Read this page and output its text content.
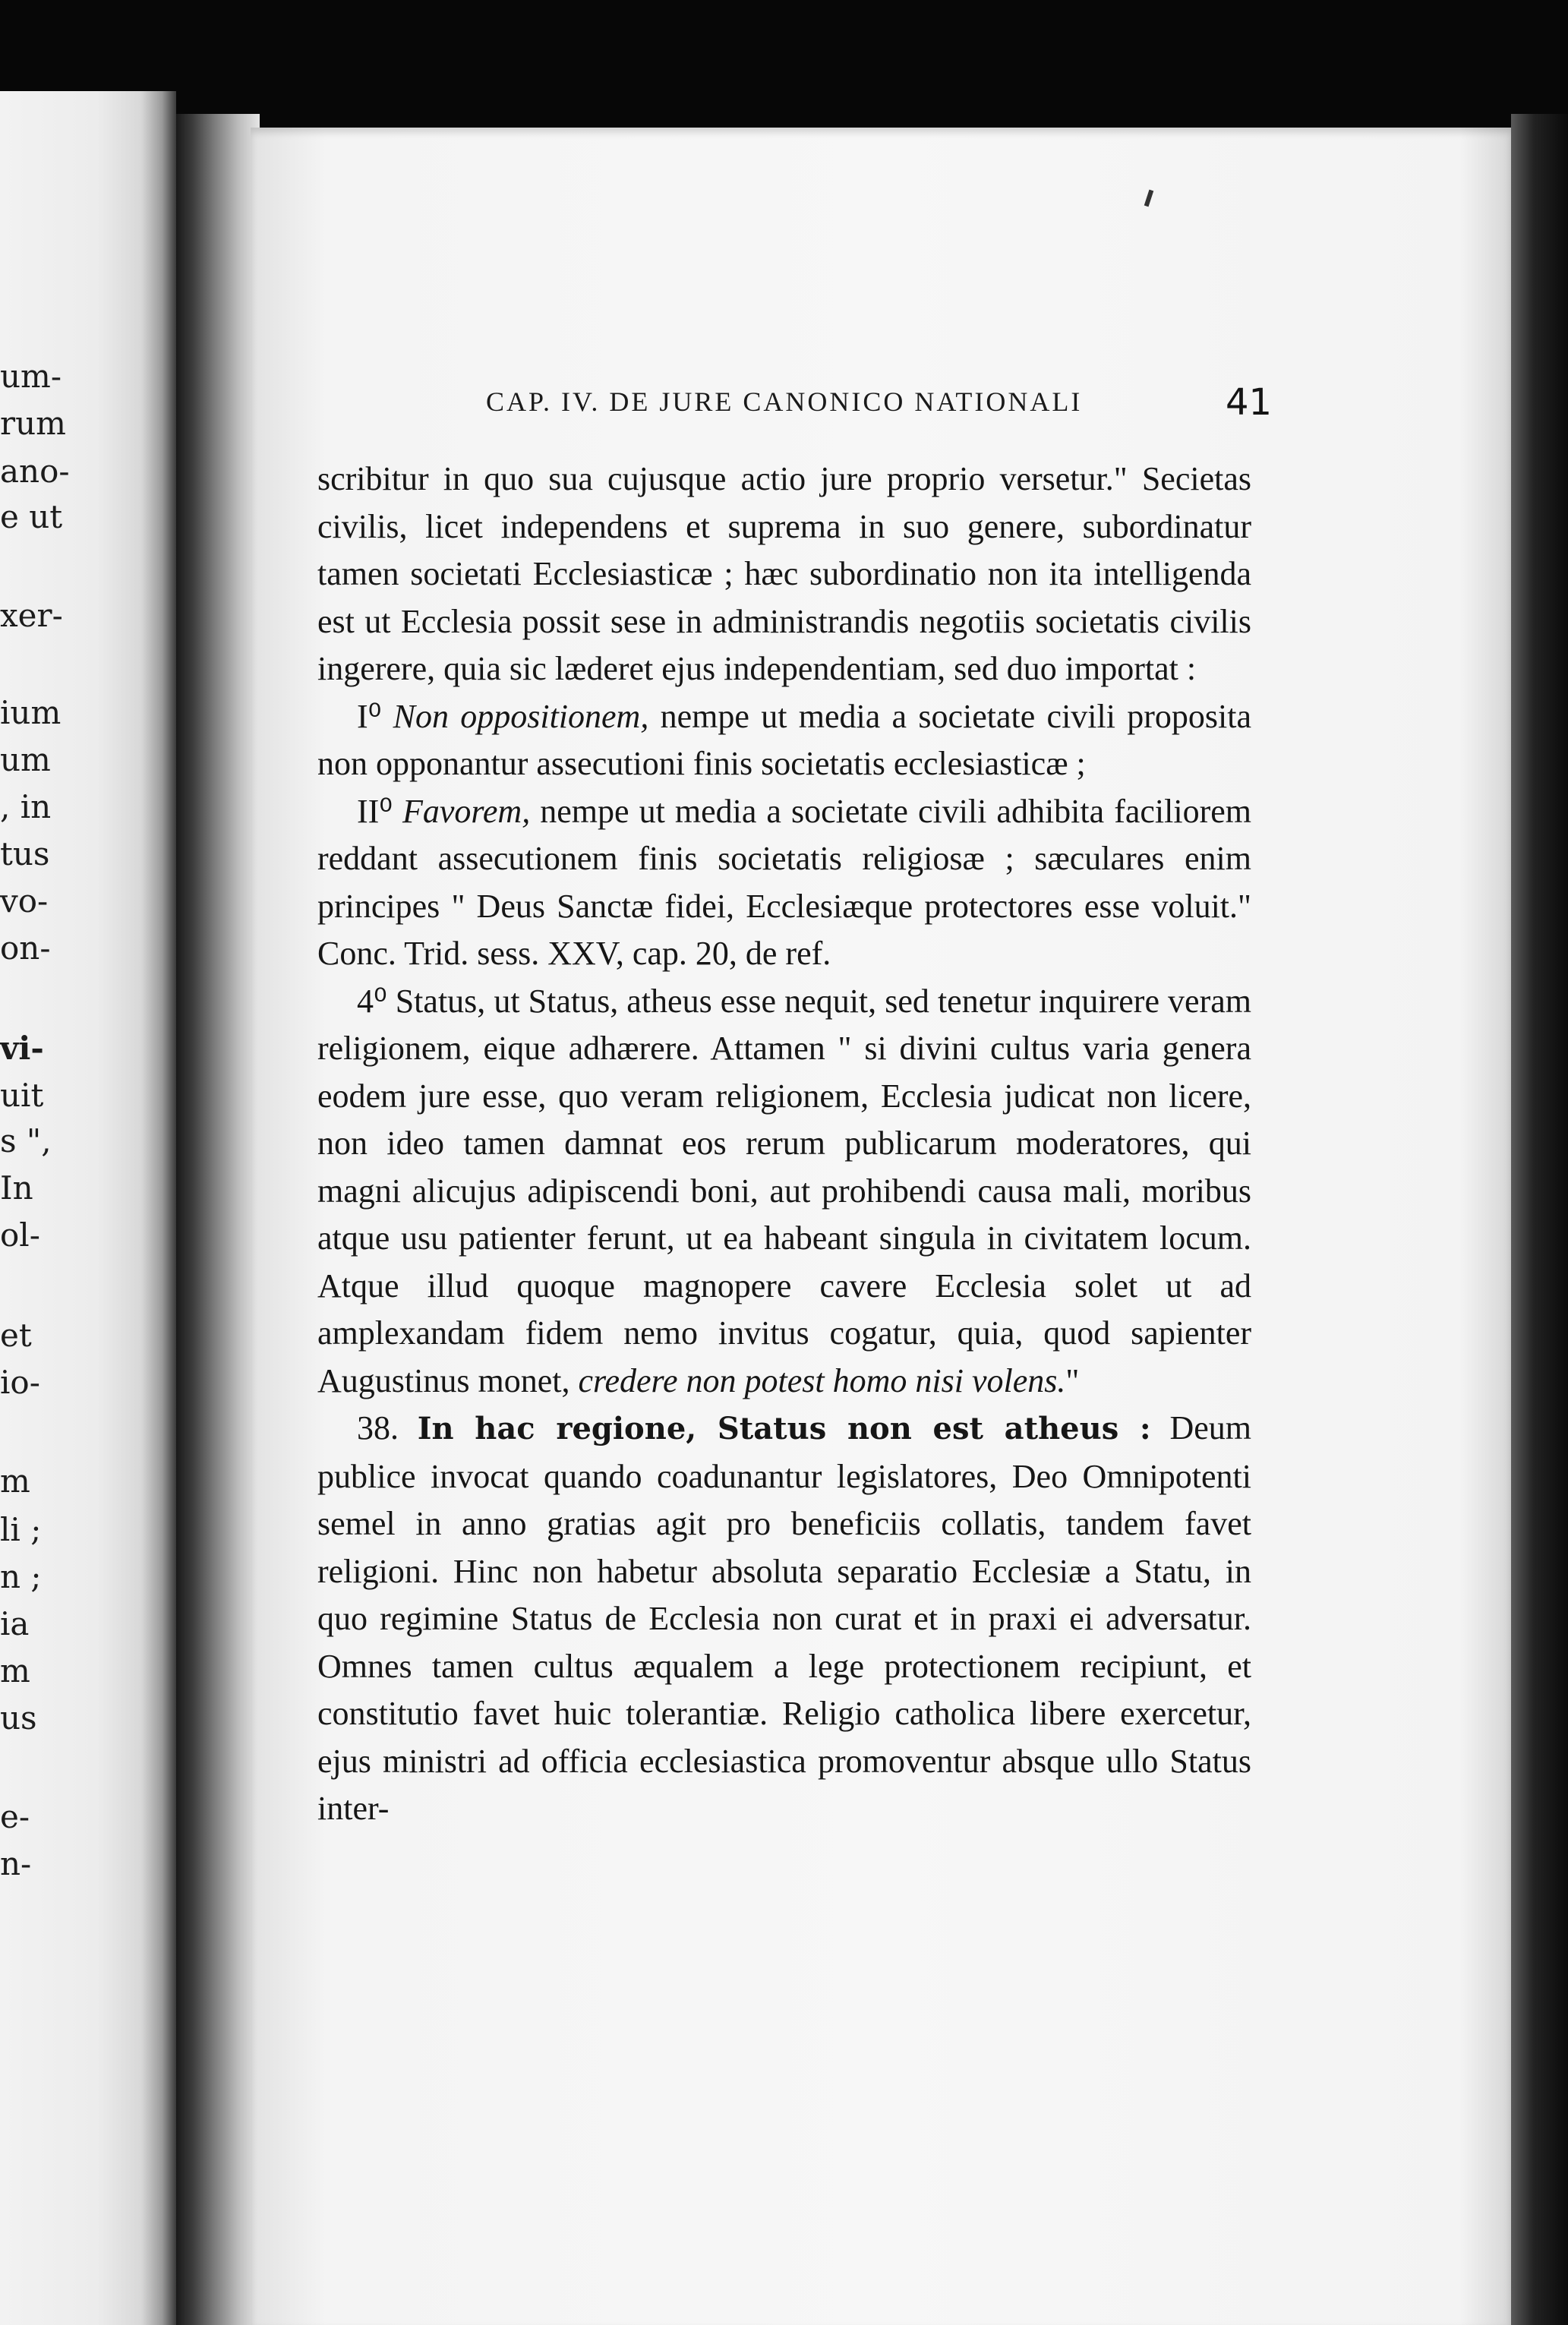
um-
rum
ano-
e ut
xer-
ium
um
, in
tus
vo-
on-
vi-
uit
s ",
In
ol-
et
io-
m
li ;
n ;
ia
m
us
e-
n-
CAP. IV. DE JURE CANONICO NATIONALI	41

scribitur in quo sua cujusque actio jure proprio versetur." Secietas civilis, licet independens et suprema in suo genere, subordinatur tamen societati Ecclesiasticæ ; hæc subordinatio non ita intelligenda est ut Ecclesia possit sese in administrandis negotiis societatis civilis ingerere, quia sic læderet ejus independentiam, sed duo importat :

I⁰ Non oppositionem, nempe ut media a societate civili proposita non opponantur assecutioni finis societatis ecclesiasticæ ;

II⁰ Favorem, nempe ut media a societate civili adhibita faciliorem reddant assecutionem finis societatis religiosæ ; sæculares enim principes " Deus Sanctæ fidei, Ecclesiæque protectores esse voluit." Conc. Trid. sess. XXV, cap. 20, de ref.

4⁰ Status, ut Status, atheus esse nequit, sed tenetur inquirere veram religionem, eique adhærere. Attamen " si divini cultus varia genera eodem jure esse, quo veram religionem, Ecclesia judicat non licere, non ideo tamen damnat eos rerum publicarum moderatores, qui magni alicujus adipiscendi boni, aut prohibendi causa mali, moribus atque usu patienter ferunt, ut ea habeant singula in civitatem locum. Atque illud quoque magnopere cavere Ecclesia solet ut ad amplexandam fidem nemo invitus cogatur, quia, quod sapienter Augustinus monet, credere non potest homo nisi volens."

38. In hac regione, Status non est atheus : Deum publice invocat quando coadunantur legislatores, Deo Omnipotenti semel in anno gratias agit pro beneficiis collatis, tandem favet religioni. Hinc non habetur absoluta separatio Ecclesiæ a Statu, in quo regimine Status de Ecclesia non curat et in praxi ei adversatur. Omnes tamen cultus æqualem a lege protectionem recipiunt, et constitutio favet huic tolerantiæ. Religio catholica libere exercetur, ejus ministri ad officia ecclesiastica promoventur absque ullo Status inter-
